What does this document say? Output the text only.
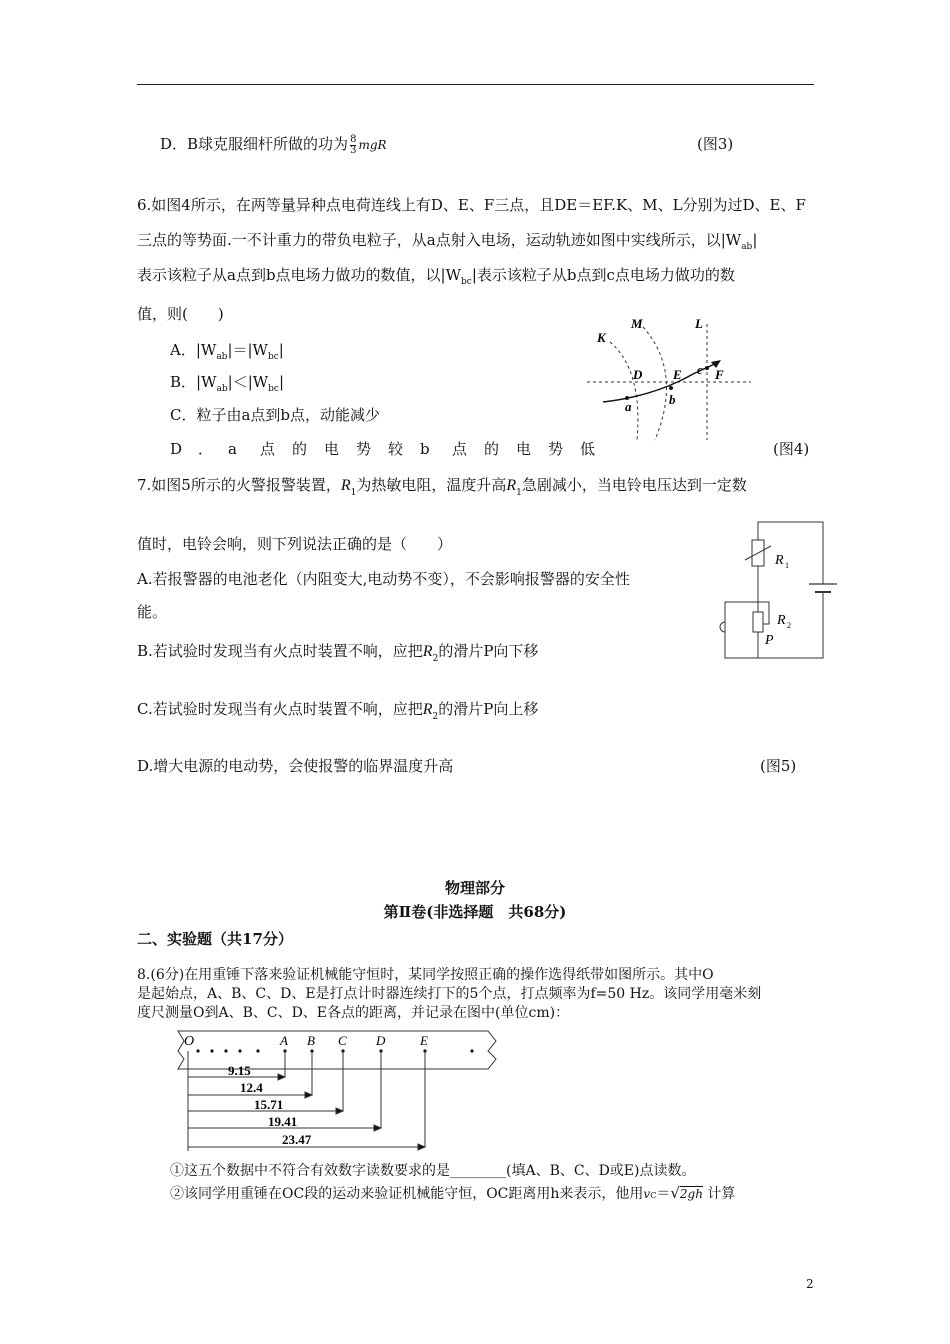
D．B球克服细杆所做的功为 $\frac{8}{3}$ mgR	(图3)
6.如图4所示，在两等量异种点电荷连线上有D、E、F三点，且DE＝EF.K、M、L分别为过D、E、F
三点的等势面.一不计重力的带负电粒子，从a点射入电场，运动轨迹如图中实线所示，以$|W_{ab}|$
表示该粒子从a点到b点电场力做功的数值，以$|W_{bc}|$表示该粒子从b点到c点电场力做功的数
值，则(　　)
A．$|W_{ab}|=|W_{bc}|$
B．$|W_{ab}|<|W_{bc}|$
C．粒子由a点到b点，动能减少
D ． a 点 的 电 势 较 b 点 的 电 势 低	(图4)
K
M	L
D E	F
a	b
c
7.如图5所示的火警报警装置，$R_1$为热敏电阻，温度升高$R_1$急剧减小，当电铃电压达到一定数
值时，电铃会响，则下列说法正确的是（　　）
A.若报警器的电池老化（内阻变大,电动势不变），不会影响报警器的安全性
能。
B.若试验时发现当有火点时装置不响，应把$R_2$的滑片P向下移
C.若试验时发现当有火点时装置不响，应把$R_2$的滑片P向上移
D.增大电源的电动势，会使报警的临界温度升高	(图5)
R 1
R 2
P
物理部分
第Ⅱ卷(非选择题　共68分)
二、实验题（共17分）
8.(6分)在用重锤下落来验证机械能守恒时，某同学按照正确的操作选得纸带如图所示。其中O
是起始点，A、B、C、D、E是打点计时器连续打下的5个点，打点频率为f=50 Hz。该同学用毫米刻
度尺测量O到A、B、C、D、E各点的距离，并记录在图中(单位cm)：
O	A B C D	E
9.15
12.4
15.71
19.41
23.47
①这五个数据中不符合有效数字读数要求的是________(填A、B、C、D或E)点读数。
②该同学用重锤在OC段的运动来验证机械能守恒，OC距离用h来表示，他用vC＝√2gh 计算
2
